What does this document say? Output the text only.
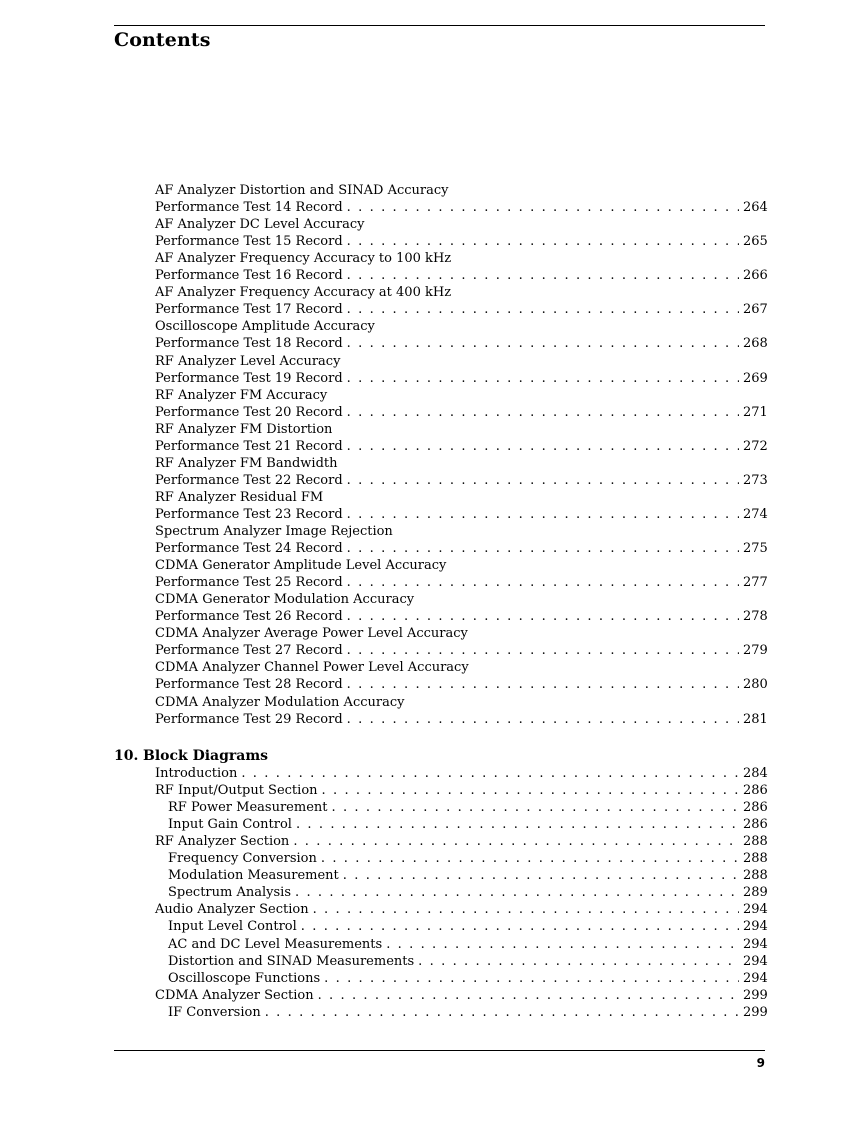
Contents
AF Analyzer Distortion and SINAD Accuracy
Performance Test 14 Record . . .	264
AF Analyzer DC Level Accuracy
Performance Test 15 Record . . .	265
AF Analyzer Frequency Accuracy to 100 kHz
Performance Test 16 Record . . .	266
AF Analyzer Frequency Accuracy at 400 kHz
Performance Test 17 Record . . .	267
Oscilloscope Amplitude Accuracy
Performance Test 18 Record . . .	268
RF Analyzer Level Accuracy
Performance Test 19 Record . . .	269
RF Analyzer FM Accuracy
Performance Test 20 Record . . .	271
RF Analyzer FM Distortion
Performance Test 21 Record . . .	272
RF Analyzer FM Bandwidth
Performance Test 22 Record . . .	273
RF Analyzer Residual FM
Performance Test 23 Record . . .	274
Spectrum Analyzer Image Rejection
Performance Test 24 Record . . .	275
CDMA Generator Amplitude Level Accuracy
Performance Test 25 Record . . .	277
CDMA Generator Modulation Accuracy
Performance Test 26 Record . . .	278
CDMA Analyzer Average Power Level Accuracy
Performance Test 27 Record . . .	279
CDMA Analyzer Channel Power Level Accuracy
Performance Test 28 Record . . .	280
CDMA Analyzer Modulation Accuracy
Performance Test 29 Record . . .	281
10. Block Diagrams
Introduction . . .	284
RF Input/Output Section . . .	286
RF Power Measurement . . .	286
Input Gain Control . . .	286
RF Analyzer Section . . .	288
Frequency Conversion . . .	288
Modulation Measurement . . .	288
Spectrum Analysis . . .	289
Audio Analyzer Section . . .	294
Input Level Control . . .	294
AC and DC Level Measurements . . .	294
Distortion and SINAD Measurements . . .	294
Oscilloscope Functions . . .	294
CDMA Analyzer Section . . .	299
IF Conversion . . .	299
9
